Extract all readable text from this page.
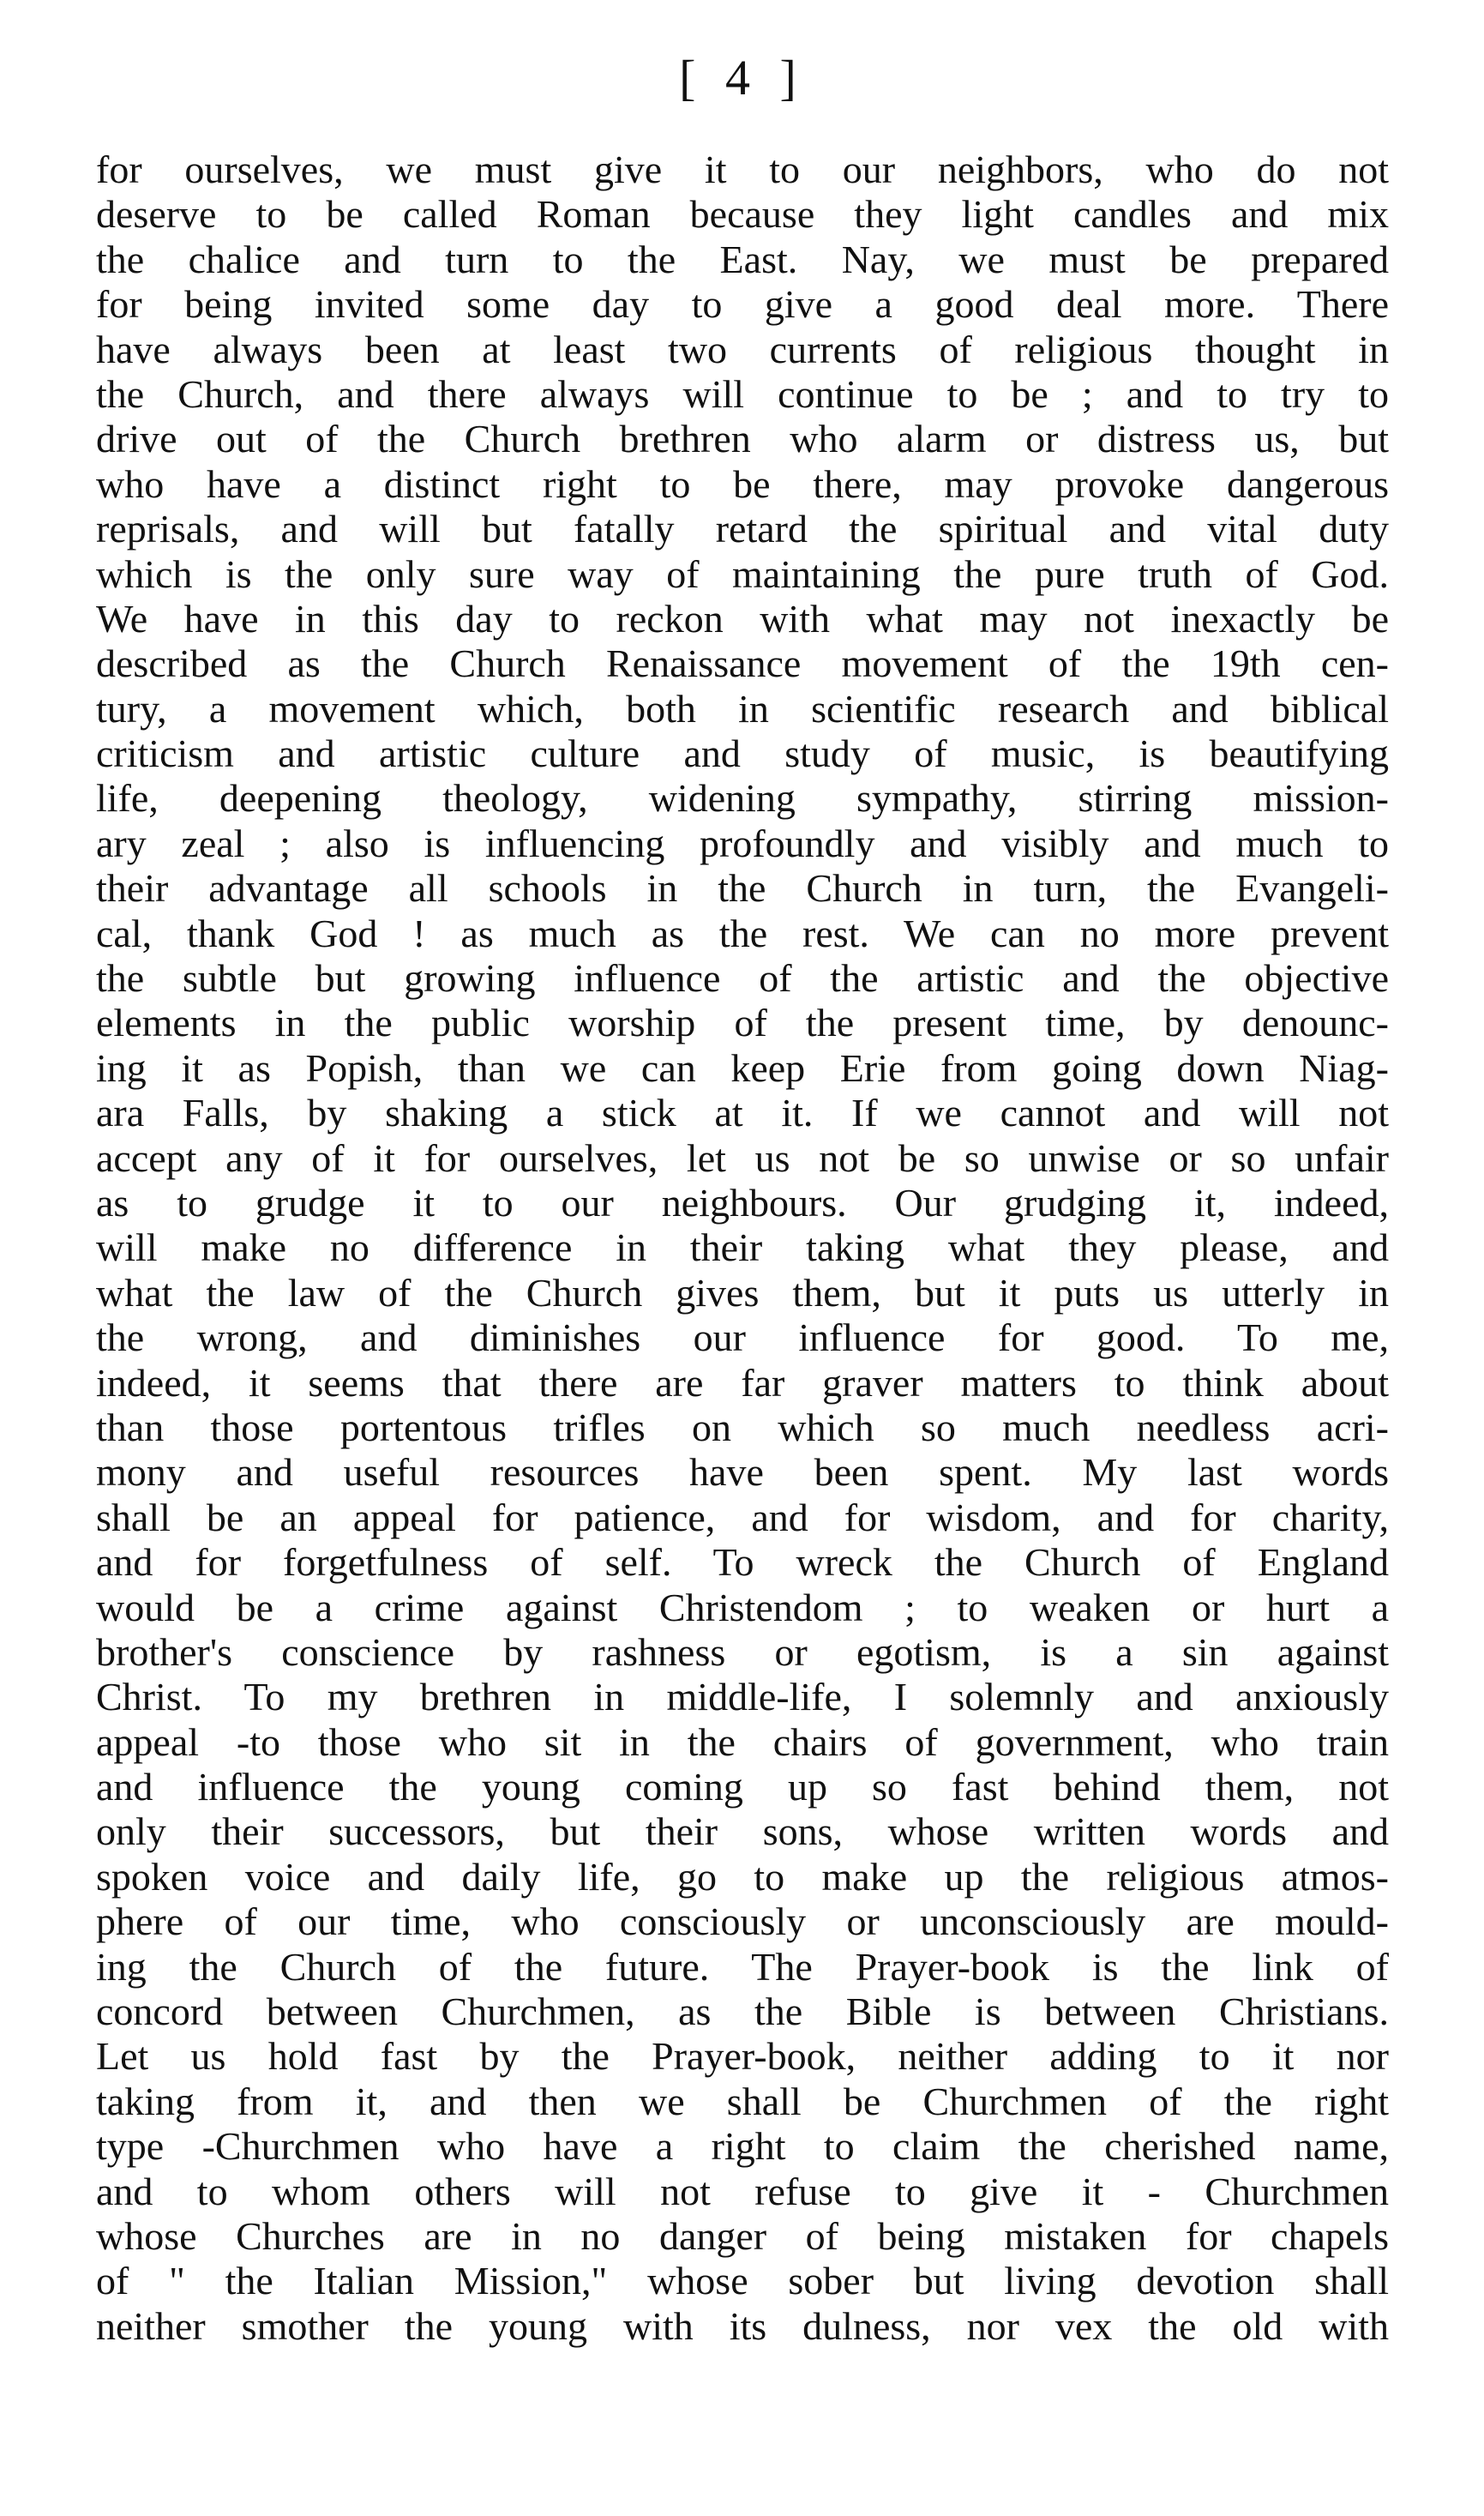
[ 4 ]
for ourselves, we must give it to our neighbors, who do not
deserve to be called Roman because they light candles and mix
the chalice and turn to the East. Nay, we must be prepared
for being invited some day to give a good deal more. There
have always been at least two currents of religious thought in
the Church, and there always will continue to be ; and to try to
drive out of the Church brethren who alarm or distress us, but
who have a distinct right to be there, may provoke dangerous
reprisals, and will but fatally retard the spiritual and vital duty
which is the only sure way of maintaining the pure truth of God.
We have in this day to reckon with what may not inexactly be
described as the Church Renaissance movement of the 19th cen-
tury, a movement which, both in scientific research and biblical
criticism and artistic culture and study of music, is beautifying
life, deepening theology, widening sympathy, stirring mission-
ary zeal ; also is influencing profoundly and visibly and much to
their advantage all schools in the Church in turn, the Evangeli-
cal, thank God ! as much as the rest. We can no more prevent
the subtle but growing influence of the artistic and the objective
elements in the public worship of the present time, by denounc-
ing it as Popish, than we can keep Erie from going down Niag-
ara Falls, by shaking a stick at it. If we cannot and will not
accept any of it for ourselves, let us not be so unwise or so unfair
as to grudge it to our neighbours. Our grudging it, indeed,
will make no difference in their taking what they please, and
what the law of the Church gives them, but it puts us utterly in
the wrong, and diminishes our influence for good. To me,
indeed, it seems that there are far graver matters to think about
than those portentous trifles on which so much needless acri-
mony and useful resources have been spent. My last words
shall be an appeal for patience, and for wisdom, and for charity,
and for forgetfulness of self. To wreck the Church of England
would be a crime against Christendom ; to weaken or hurt a
brother's conscience by rashness or egotism, is a sin against
Christ. To my brethren in middle-life, I solemnly and anxiously
appeal -to those who sit in the chairs of government, who train
and influence the young coming up so fast behind them, not
only their successors, but their sons, whose written words and
spoken voice and daily life, go to make up the religious atmos-
phere of our time, who consciously or unconsciously are mould-
ing the Church of the future. The Prayer-book is the link of
concord between Churchmen, as the Bible is between Christians.
Let us hold fast by the Prayer-book, neither adding to it nor
taking from it, and then we shall be Churchmen of the right
type -Churchmen who have a right to claim the cherished name,
and to whom others will not refuse to give it - Churchmen
whose Churches are in no danger of being mistaken for chapels
of " the Italian Mission," whose sober but living devotion shall
neither smother the young with its dulness, nor vex the old with
